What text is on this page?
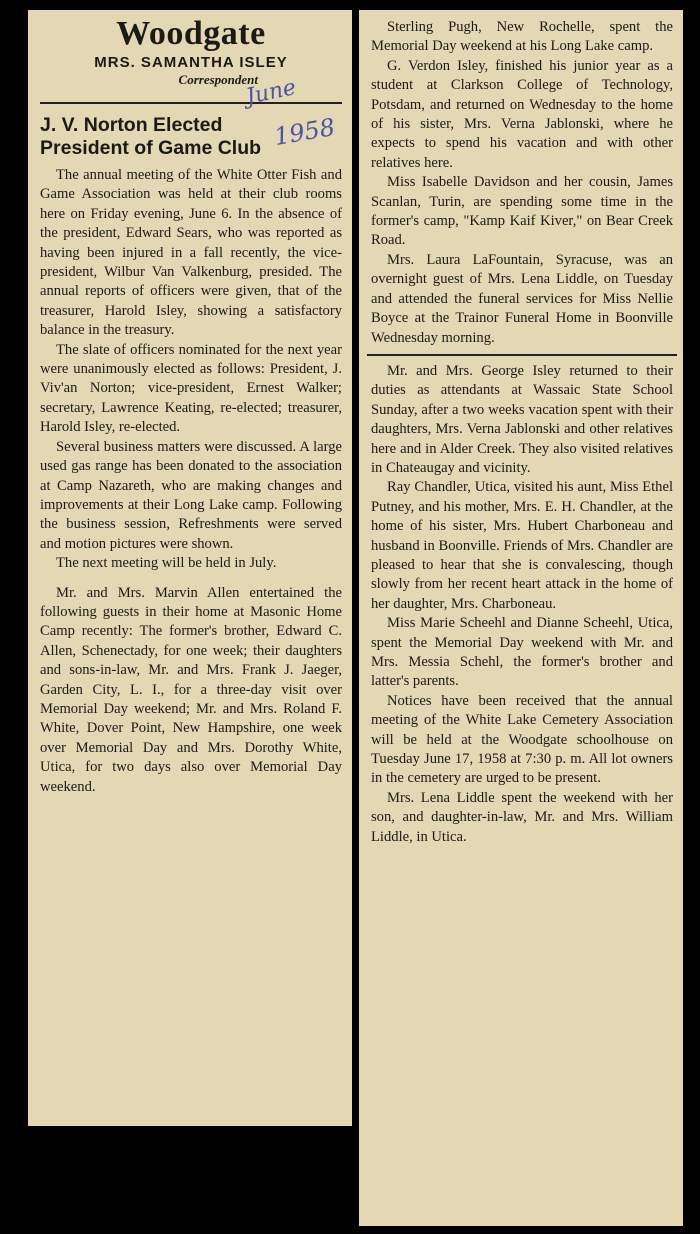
Woodgate
MRS. SAMANTHA ISLEY
Correspondent
June
1958
J. V. Norton Elected
President of Game Club

The annual meeting of the White Otter Fish and Game Association was held at their club rooms here on Friday evening, June 6. In the absence of the president, Edward Sears, who was reported as having been injured in a fall recently, the vice-president, Wilbur Van Valkenburg, presided. The annual reports of officers were given, that of the treasurer, Harold Isley, showing a satisfactory balance in the treasury.

The slate of officers nominated for the next year were unanimously elected as follows: President, J. Viv'an Norton; vice-president, Ernest Walker; secretary, Lawrence Keating, re-elected; treasurer, Harold Isley, re-elected.

Several business matters were discussed. A large used gas range has been donated to the association at Camp Nazareth, who are making changes and improvements at their Long Lake camp. Following the business session, Refreshments were served and motion pictures were shown.

The next meeting will be held in July.

Mr. and Mrs. Marvin Allen entertained the following guests in their home at Masonic Home Camp recently: The former's brother, Edward C. Allen, Schenectady, for one week; their daughters and sons-in-law, Mr. and Mrs. Frank J. Jaeger, Garden City, L. I., for a three-day visit over Memorial Day weekend; Mr. and Mrs. Roland F. White, Dover Point, New Hampshire, one week over Memorial Day and Mrs. Dorothy White, Utica, for two days also over Memorial Day weekend.

Sterling Pugh, New Rochelle, spent the Memorial Day weekend at his Long Lake camp.

G. Verdon Isley, finished his junior year as a student at Clarkson College of Technology, Potsdam, and returned on Wednesday to the home of his sister, Mrs. Verna Jablonski, where he expects to spend his vacation and with other relatives here.

Miss Isabelle Davidson and her cousin, James Scanlan, Turin, are spending some time in the former's camp, "Kamp Kaif Kiver," on Bear Creek Road.

Mrs. Laura LaFountain, Syracuse, was an overnight guest of Mrs. Lena Liddle, on Tuesday and attended the funeral services for Miss Nellie Boyce at the Trainor Funeral Home in Boonville Wednesday morning.

Mr. and Mrs. George Isley returned to their duties as attendants at Wassaic State School Sunday, after a two weeks vacation spent with their daughters, Mrs. Verna Jablonski and other relatives here and in Alder Creek. They also visited relatives in Chateaugay and vicinity.

Ray Chandler, Utica, visited his aunt, Miss Ethel Putney, and his mother, Mrs. E. H. Chandler, at the home of his sister, Mrs. Hubert Charboneau and husband in Boonville. Friends of Mrs. Chandler are pleased to hear that she is convalescing, though slowly from her recent heart attack in the home of her daughter, Mrs. Charboneau.

Miss Marie Scheehl and Dianne Scheehl, Utica, spent the Memorial Day weekend with Mr. and Mrs. Messia Schehl, the former's brother and latter's parents.

Notices have been received that the annual meeting of the White Lake Cemetery Association will be held at the Woodgate schoolhouse on Tuesday June 17, 1958 at 7:30 p. m. All lot owners in the cemetery are urged to be present.

Mrs. Lena Liddle spent the weekend with her son, and daughter-in-law, Mr. and Mrs. William Liddle, in Utica.
